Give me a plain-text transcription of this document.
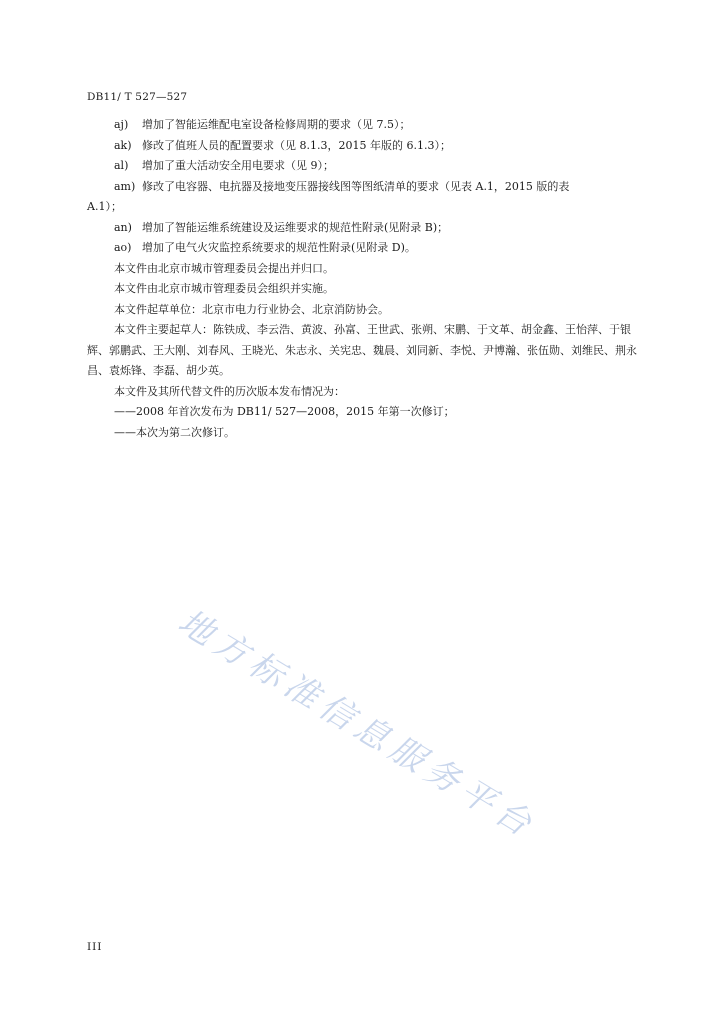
DB11/ T 527—527
aj) 增加了智能运维配电室设备检修周期的要求（见 7.5）；
ak) 修改了值班人员的配置要求（见 8.1.3，2015 年版的 6.1.3）；
al) 增加了重大活动安全用电要求（见 9）；
am) 修改了电容器、电抗器及接地变压器接线图等图纸清单的要求（见表 A.1，2015 版的表
A.1）；
an) 增加了智能运维系统建设及运维要求的规范性附录(见附录 B)；
ao) 增加了电气火灾监控系统要求的规范性附录(见附录 D)。
本文件由北京市城市管理委员会提出并归口。
本文件由北京市城市管理委员会组织并实施。
本文件起草单位：北京市电力行业协会、北京消防协会。
本文件主要起草人：陈铁成、李云浩、黄波、孙富、王世武、张朔、宋鹏、于文革、胡金鑫、王怡萍、于银辉、郭鹏武、王大刚、刘春风、王晓光、朱志永、关宪忠、魏晨、刘同新、李悦、尹博瀚、张伍勋、刘维民、荆永昌、袁烁锋、李磊、胡少英。
本文件及其所代替文件的历次版本发布情况为：
——2008 年首次发布为 DB11/ 527—2008，2015 年第一次修订；
——本次为第二次修订。
地方标准信息服务平台
III
